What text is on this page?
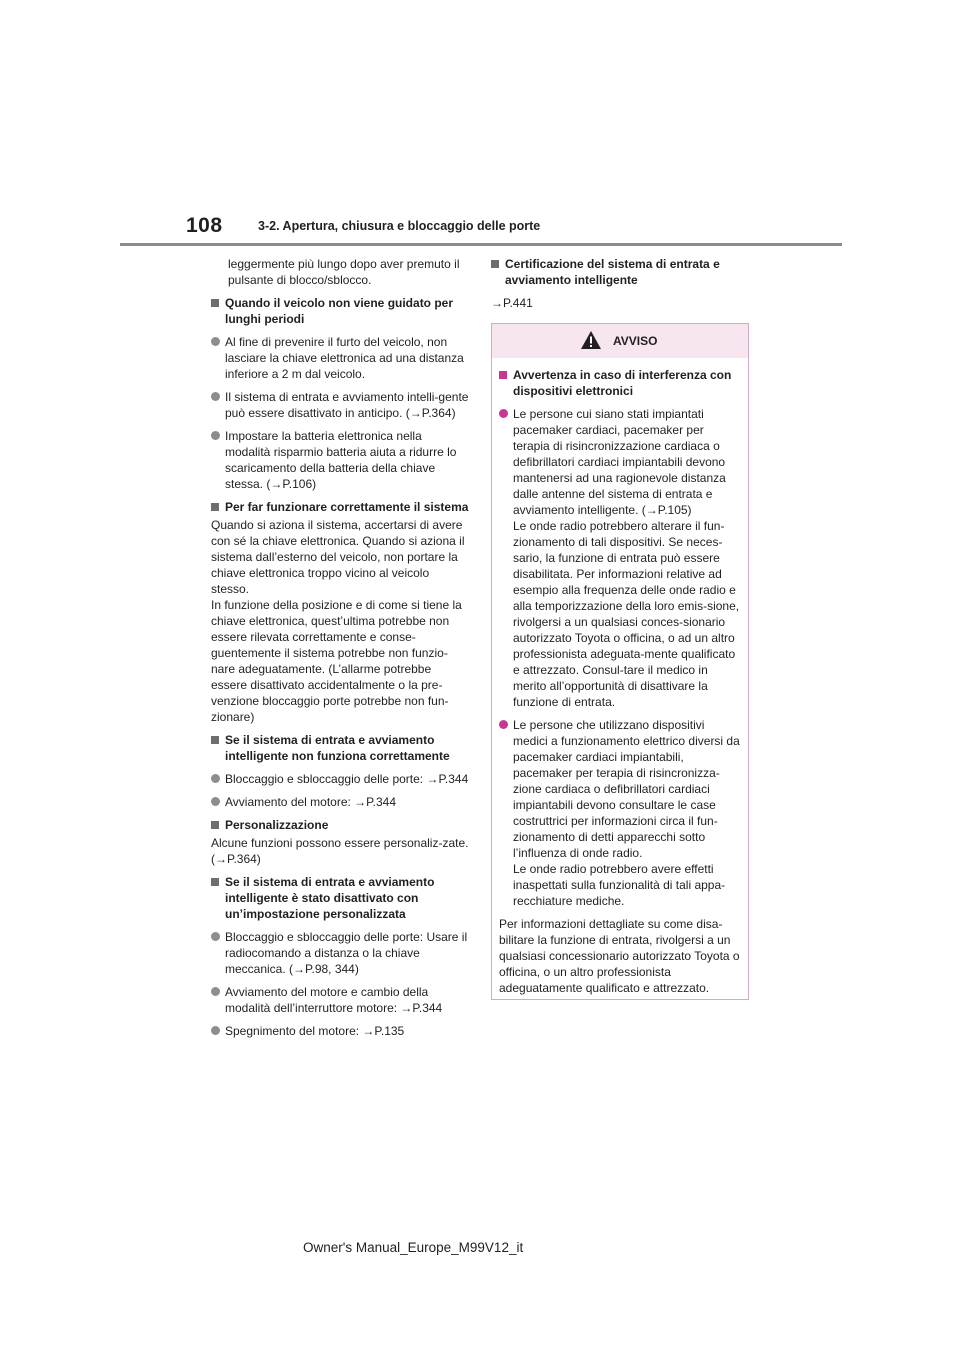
108	3-2. Apertura, chiusura e bloccaggio delle porte
leggermente più lungo dopo aver premuto il pulsante di blocco/sblocco.
Quando il veicolo non viene guidato per lunghi periodi
Al fine di prevenire il furto del veicolo, non lasciare la chiave elettronica ad una distanza inferiore a 2 m dal veicolo.
Il sistema di entrata e avviamento intelli-gente può essere disattivato in anticipo. (→P.364)
Impostare la batteria elettronica nella modalità risparmio batteria aiuta a ridurre lo scaricamento della batteria della chiave stessa. (→P.106)
Per far funzionare correttamente il sistema
Quando si aziona il sistema, accertarsi di avere con sé la chiave elettronica. Quando si aziona il sistema dall’esterno del veicolo, non portare la chiave elettronica troppo vicino al veicolo stesso.
In funzione della posizione e di come si tiene la chiave elettronica, quest’ultima potrebbe non essere rilevata correttamente e conse-guentemente il sistema potrebbe non funzio-nare adeguatamente. (L’allarme potrebbe essere disattivato accidentalmente o la pre-venzione bloccaggio porte potrebbe non fun-zionare)
Se il sistema di entrata e avviamento intelligente non funziona correttamente
Bloccaggio e sbloccaggio delle porte: →P.344
Avviamento del motore: →P.344
Personalizzazione
Alcune funzioni possono essere personaliz-zate. (→P.364)
Se il sistema di entrata e avviamento intelligente è stato disattivato con un’impostazione personalizzata
Bloccaggio e sbloccaggio delle porte: Usare il radiocomando a distanza o la chiave meccanica. (→P.98, 344)
Avviamento del motore e cambio della modalità dell’interruttore motore: →P.344
Spegnimento del motore: →P.135
Certificazione del sistema di entrata e avviamento intelligente
→P.441
AVVISO
Avvertenza in caso di interferenza con dispositivi elettronici
Le persone cui siano stati impiantati pacemaker cardiaci, pacemaker per terapia di risincronizzazione cardiaca o defibrillatori cardiaci impiantabili devono mantenersi ad una ragionevole distanza dalle antenne del sistema di entrata e avviamento intelligente. (→P.105)
Le onde radio potrebbero alterare il fun-zionamento di tali dispositivi. Se neces-sario, la funzione di entrata può essere disabilitata. Per informazioni relative ad esempio alla frequenza delle onde radio e alla temporizzazione della loro emis-sione, rivolgersi a un qualsiasi conces-sionario autorizzato Toyota o officina, o ad un altro professionista adeguata-mente qualificato e attrezzato. Consul-tare il medico in merito all’opportunità di disattivare la funzione di entrata.
Le persone che utilizzano dispositivi medici a funzionamento elettrico diversi da pacemaker cardiaci impiantabili, pacemaker per terapia di risincronizza-zione cardiaca o defibrillatori cardiaci impiantabili devono consultare le case costruttrici per informazioni circa il fun-zionamento di detti apparecchi sotto l’influenza di onde radio.
Le onde radio potrebbero avere effetti inaspettati sulla funzionalità di tali appa-recchiature mediche.
Per informazioni dettagliate su come disa-bilitare la funzione di entrata, rivolgersi a un qualsiasi concessionario autorizzato Toyota o officina, o un altro professionista adeguatamente qualificato e attrezzato.
Owner's Manual_Europe_M99V12_it
